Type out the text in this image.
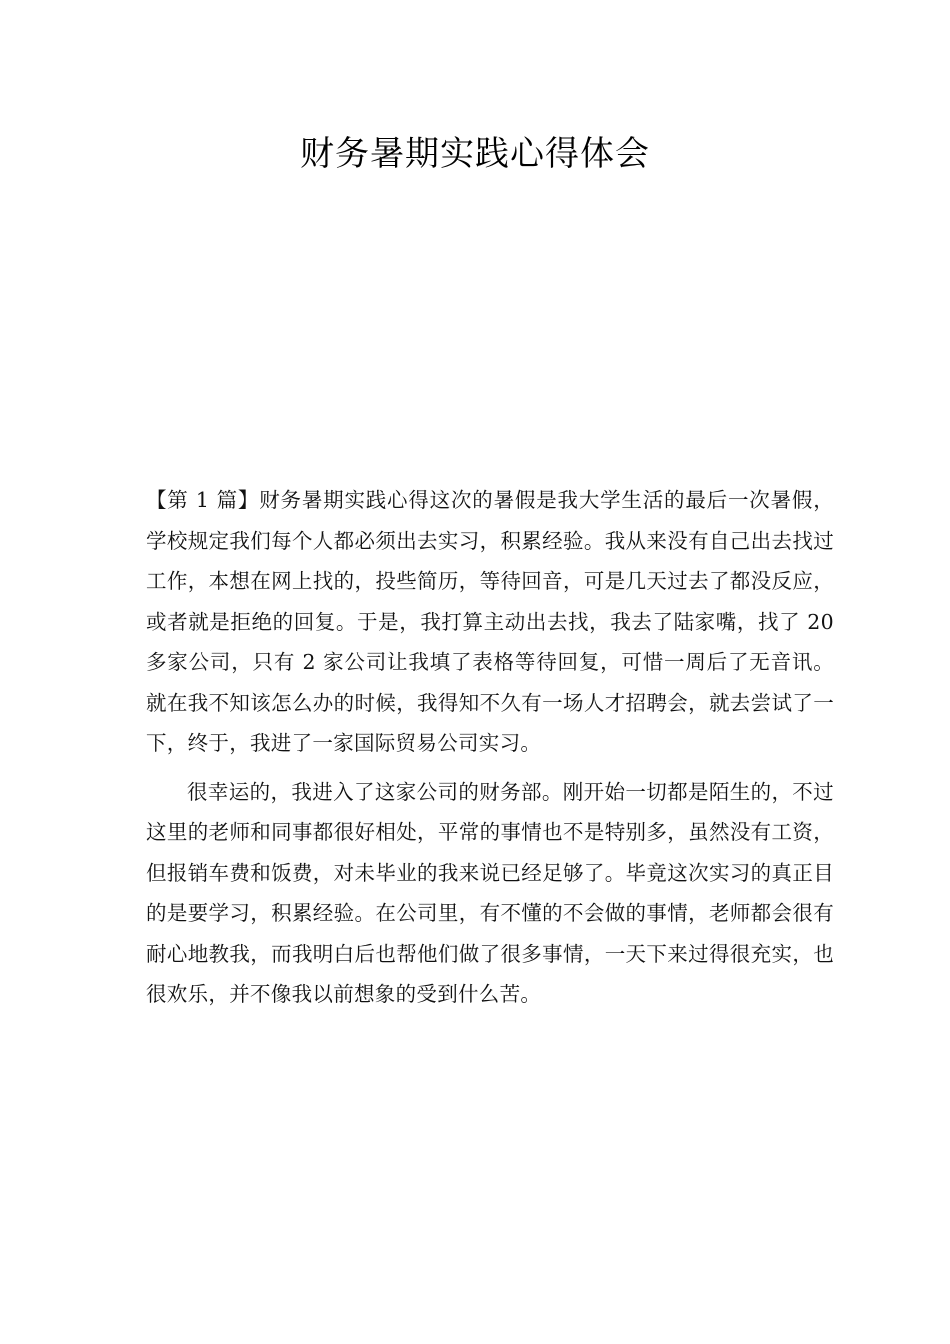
财务暑期实践心得体会

【第 1 篇】财务暑期实践心得这次的暑假是我大学生活的最后一次暑假，学校规定我们每个人都必须出去实习，积累经验。我从来没有自己出去找过工作，本想在网上找的，投些简历，等待回音，可是几天过去了都没反应，或者就是拒绝的回复。于是，我打算主动出去找，我去了陆家嘴，找了 20 多家公司，只有 2 家公司让我填了表格等待回复，可惜一周后了无音讯。就在我不知该怎么办的时候，我得知不久有一场人才招聘会，就去尝试了一下，终于，我进了一家国际贸易公司实习。

很幸运的，我进入了这家公司的财务部。刚开始一切都是陌生的，不过这里的老师和同事都很好相处，平常的事情也不是特别多，虽然没有工资，但报销车费和饭费，对未毕业的我来说已经足够了。毕竟这次实习的真正目的是要学习，积累经验。在公司里，有不懂的不会做的事情，老师都会很有耐心地教我，而我明白后也帮他们做了很多事情，一天下来过得很充实，也很欢乐，并不像我以前想象的受到什么苦。
